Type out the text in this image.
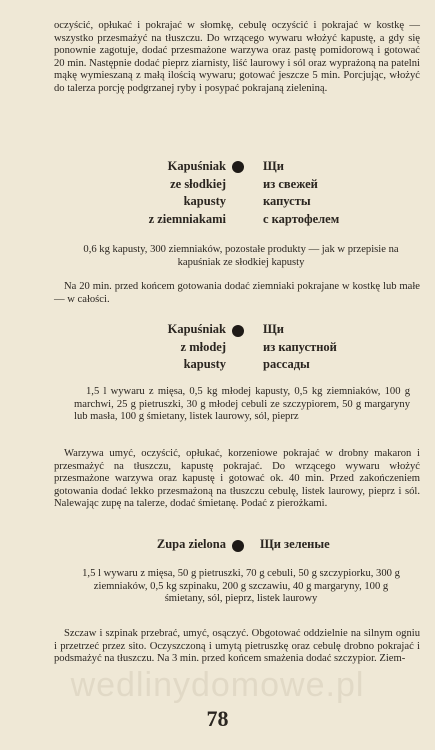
oczyścić, opłukać i pokrajać w słomkę, cebulę oczyścić i pokrajać w kostkę — wszystko przesmażyć na tłuszczu. Do wrzącego wywaru włożyć kapustę, a gdy się ponownie zagotuje, dodać przesmażone warzywa oraz pastę pomidorową i gotować 20 min. Następnie dodać pieprz ziarnisty, liść laurowy i sól oraz wyprażoną na patelni mąkę wymieszaną z małą ilością wywaru; gotować jeszcze 5 min. Porcjując, włożyć do talerza porcję podgrzanej ryby i posypać pokrajaną zieleniną.

Kapuśniak
ze słodkiej
kapusty
z ziemniakami
Щи
из свежей
капусты
с картофелем

0,6 kg kapusty, 300 ziemniaków, pozostałe produkty — jak w przepisie na kapuśniak ze słodkiej kapusty

Na 20 min. przed końcem gotowania dodać ziemniaki pokrajane w kostkę lub małe — w całości.

Kapuśniak
z młodej
kapusty
Щи
из капустной
рассады

1,5 l wywaru z mięsa, 0,5 kg młodej kapusty, 0,5 kg ziemniaków, 100 g marchwi, 25 g pietruszki, 30 g młodej cebuli ze szczypiorem, 50 g margaryny lub masła, 100 g śmietany, listek laurowy, sól, pieprz

Warzywa umyć, oczyścić, opłukać, korzeniowe pokrajać w drobny makaron i przesmażyć na tłuszczu, kapustę pokrajać. Do wrzącego wywaru włożyć przesmażone warzywa oraz kapustę i gotować ok. 40 min. Przed zakończeniem gotowania dodać lekko przesmażoną na tłuszczu cebulę, listek laurowy, pieprz i sól. Nalewając zupę na talerze, dodać śmietanę. Podać z pierożkami.

Zupa zielona	Щи зеленые

1,5 l wywaru z mięsa, 50 g pietruszki, 70 g cebuli, 50 g szczypiorku, 300 g ziemniaków, 0,5 kg szpinaku, 200 g szczawiu, 40 g margaryny, 100 g śmietany, sól, pieprz, listek laurowy

Szczaw i szpinak przebrać, umyć, osączyć. Obgotować oddzielnie na silnym ogniu i przetrzeć przez sito. Oczyszczoną i umytą pietruszkę oraz cebulę drobno pokrajać i podsmażyć na tłuszczu. Na 3 min. przed końcem smażenia dodać szczypior. Ziem-

wedlinydomowe.pl
78
